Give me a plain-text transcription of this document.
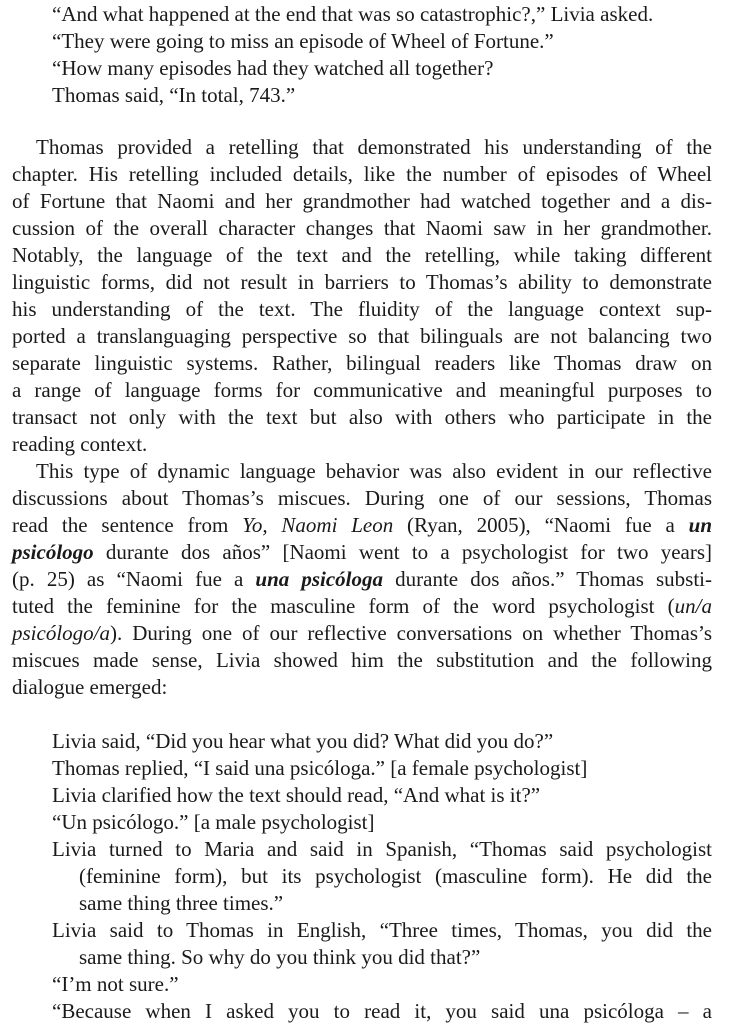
“And what happened at the end that was so catastrophic?,” Livia asked.
“They were going to miss an episode of Wheel of Fortune.”
“How many episodes had they watched all together?
Thomas said, “In total, 743.”
Thomas provided a retelling that demonstrated his understanding of the
chapter. His retelling included details, like the number of episodes of Wheel
of Fortune that Naomi and her grandmother had watched together and a dis-
cussion of the overall character changes that Naomi saw in her grandmother.
Notably, the language of the text and the retelling, while taking different
linguistic forms, did not result in barriers to Thomas’s ability to demonstrate
his understanding of the text. The fluidity of the language context sup-
ported a translanguaging perspective so that bilinguals are not balancing two
separate linguistic systems. Rather, bilingual readers like Thomas draw on
a range of language forms for communicative and meaningful purposes to
transact not only with the text but also with others who participate in the
reading context.
This type of dynamic language behavior was also evident in our reflective
discussions about Thomas’s miscues. During one of our sessions, Thomas
read the sentence from Yo, Naomi Leon (Ryan, 2005), “Naomi fue a un
psicólogo durante dos años” [Naomi went to a psychologist for two years]
(p. 25) as “Naomi fue a una psicóloga durante dos años.” Thomas substi-
tuted the feminine for the masculine form of the word psychologist (un/a
psicólogo/a). During one of our reflective conversations on whether Thomas’s
miscues made sense, Livia showed him the substitution and the following
dialogue emerged:
Livia said, “Did you hear what you did? What did you do?”
Thomas replied, “I said una psicóloga.” [a female psychologist]
Livia clarified how the text should read, “And what is it?”
“Un psicólogo.” [a male psychologist]
Livia turned to Maria and said in Spanish, “Thomas said psychologist
(feminine form), but its psychologist (masculine form). He did the
same thing three times.”
Livia said to Thomas in English, “Three times, Thomas, you did the
same thing. So why do you think you did that?”
“I’m not sure.”
“Because when I asked you to read it, you said una psicóloga – a
